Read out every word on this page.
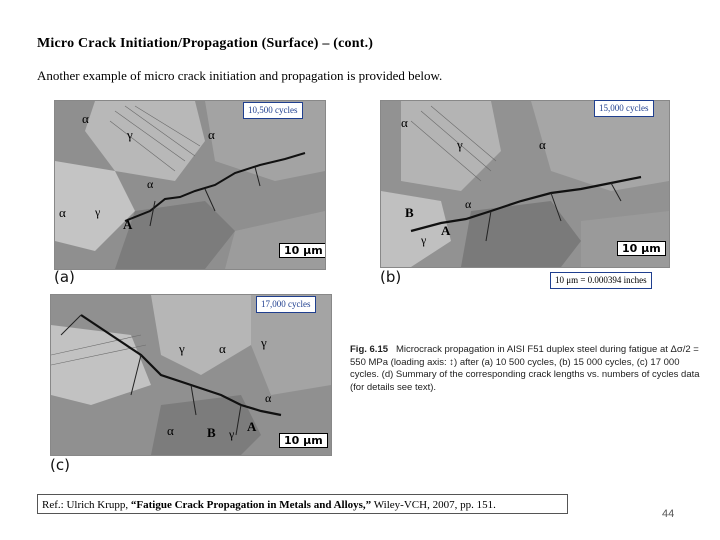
Micro Crack Initiation/Propagation (Surface) – (cont.)
Another example of micro crack initiation and propagation is provided below.
α
γ	α
α
α γ
A
10 μm
(a)
10,500 cycles
α
γ	α
α
B
A
γ
10 μm
(b)
15,000 cycles
10 μm = 0.000394 inches
γ	α	γ
α
α	B γ A
10 μm
(c)
17,000 cycles
Fig. 6.15 Microcrack propagation in AISI F51 duplex steel during fatigue at Δσ/2 = 550 MPa (loading axis: ↕) after (a) 10 500 cycles, (b) 15 000 cycles, (c) 17 000 cycles. (d) Summary of the corresponding crack lengths vs. numbers of cycles data (for details see text).
Ref.: Ulrich Krupp, “Fatigue Crack Propagation in Metals and Alloys,” Wiley-VCH, 2007, pp. 151.
44
